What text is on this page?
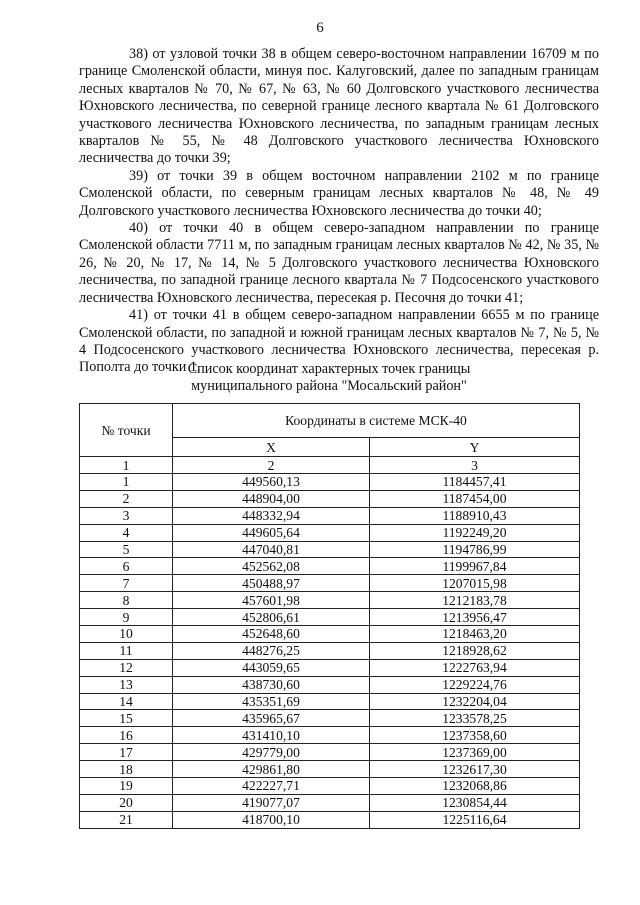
6

38) от узловой точки 38 в общем северо-восточном направлении 16709 м по границе Смоленской области, минуя пос. Калуговский, далее по западным границам лесных кварталов № 70, № 67, № 63, № 60 Долговского участкового лесничества Юхновского лесничества, по северной границе лесного квартала № 61 Долговского участкового лесничества Юхновского лесничества, по западным границам лесных кварталов № 55, № 48 Долговского участкового лесничества Юхновского лесничества до точки 39;

39) от точки 39 в общем восточном направлении 2102 м по границе Смоленской области, по северным границам лесных кварталов № 48, № 49 Долговского участкового лесничества Юхновского лесничества до точки 40;

40) от точки 40 в общем северо-западном направлении по границе Смоленской области 7711 м, по западным границам лесных кварталов № 42, № 35, № 26, № 20, № 17, № 14, № 5 Долговского участкового лесничества Юхновского лесничества, по западной границе лесного квартала № 7 Подсосенского участкового лесничества Юхновского лесничества, пересекая р. Песочня до точки 41;

41) от точки 41 в общем северо-западном направлении 6655 м по границе Смоленской области, по западной и южной границам лесных кварталов № 7, № 5, № 4 Подсосенского участкового лесничества Юхновского лесничества, пересекая р. Пополта до точки 1.

Список координат характерных точек границы
муниципального района "Мосальский район"
№ точки	Координаты в системе МСК-40	
	X	Y
1	2	3
1	449560,13	1184457,41
2	448904,00	1187454,00
3	448332,94	1188910,43
4	449605,64	1192249,20
5	447040,81	1194786,99
6	452562,08	1199967,84
7	450488,97	1207015,98
8	457601,98	1212183,78
9	452806,61	1213956,47
10	452648,60	1218463,20
11	448276,25	1218928,62
12	443059,65	1222763,94
13	438730,60	1229224,76
14	435351,69	1232204,04
15	435965,67	1233578,25
16	431410,10	1237358,60
17	429779,00	1237369,00
18	429861,80	1232617,30
19	422227,71	1232068,86
20	419077,07	1230854,44
21	418700,10	1225116,64
